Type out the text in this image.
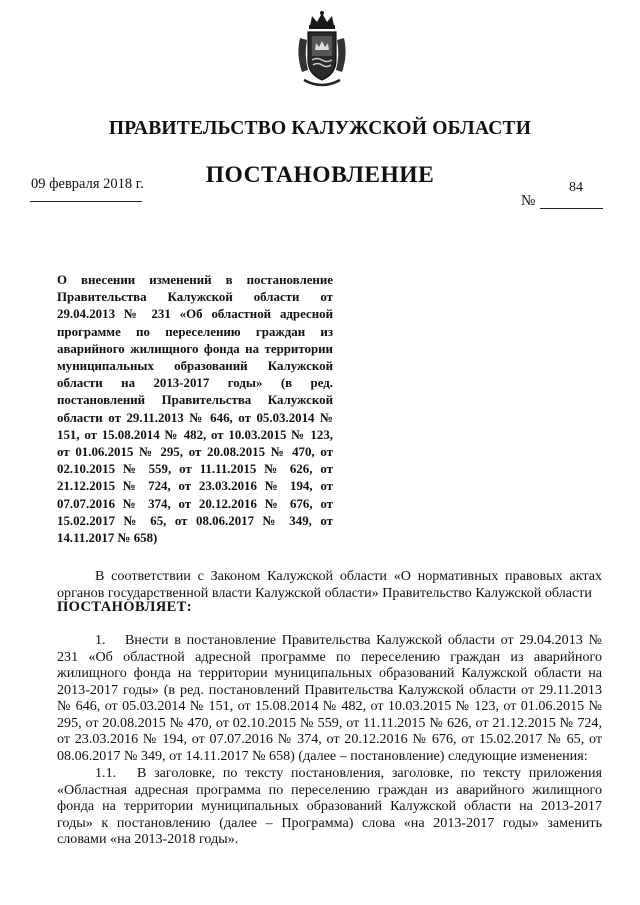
ПРАВИТЕЛЬСТВО КАЛУЖСКОЙ ОБЛАСТИ
ПОСТАНОВЛЕНИЕ
09 февраля 2018 г.	84
№
О внесении изменений в постановление Правительства Калужской области от 29.04.2013 № 231 «Об областной адресной программе по переселению граждан из аварийного жилищного фонда на территории муниципальных образований Калужской области на 2013-2017 годы» (в ред. постановлений Правительства Калужской области от 29.11.2013 № 646, от 05.03.2014 № 151, от 15.08.2014 № 482, от 10.03.2015 № 123, от 01.06.2015 № 295, от 20.08.2015 № 470, от 02.10.2015 № 559, от 11.11.2015 № 626, от 21.12.2015 № 724, от 23.03.2016 № 194, от 07.07.2016 № 374, от 20.12.2016 № 676, от 15.02.2017 № 65, от 08.06.2017 № 349, от 14.11.2017 № 658)
В соответствии с Законом Калужской области «О нормативных правовых актах органов государственной власти Калужской области» Правительство Калужской области
ПОСТАНОВЛЯЕТ:
1. Внести в постановление Правительства Калужской области от 29.04.2013 № 231 «Об областной адресной программе по переселению граждан из аварийного жилищного фонда на территории муниципальных образований Калужской области на 2013-2017 годы» (в ред. постановлений Правительства Калужской области от 29.11.2013 № 646, от 05.03.2014 № 151, от 15.08.2014 № 482, от 10.03.2015 № 123, от 01.06.2015 № 295, от 20.08.2015 № 470, от 02.10.2015 № 559, от 11.11.2015 № 626, от 21.12.2015 № 724, от 23.03.2016 № 194, от 07.07.2016 № 374, от 20.12.2016 № 676, от 15.02.2017 № 65, от 08.06.2017 № 349, от 14.11.2017 № 658) (далее – постановление) следующие изменения:
1.1. В заголовке, по тексту постановления, заголовке, по тексту приложения «Областная адресная программа по переселению граждан из аварийного жилищного фонда на территории муниципальных образований Калужской области на 2013-2017 годы» к постановлению (далее – Программа) слова «на 2013-2017 годы» заменить словами «на 2013-2018 годы».
